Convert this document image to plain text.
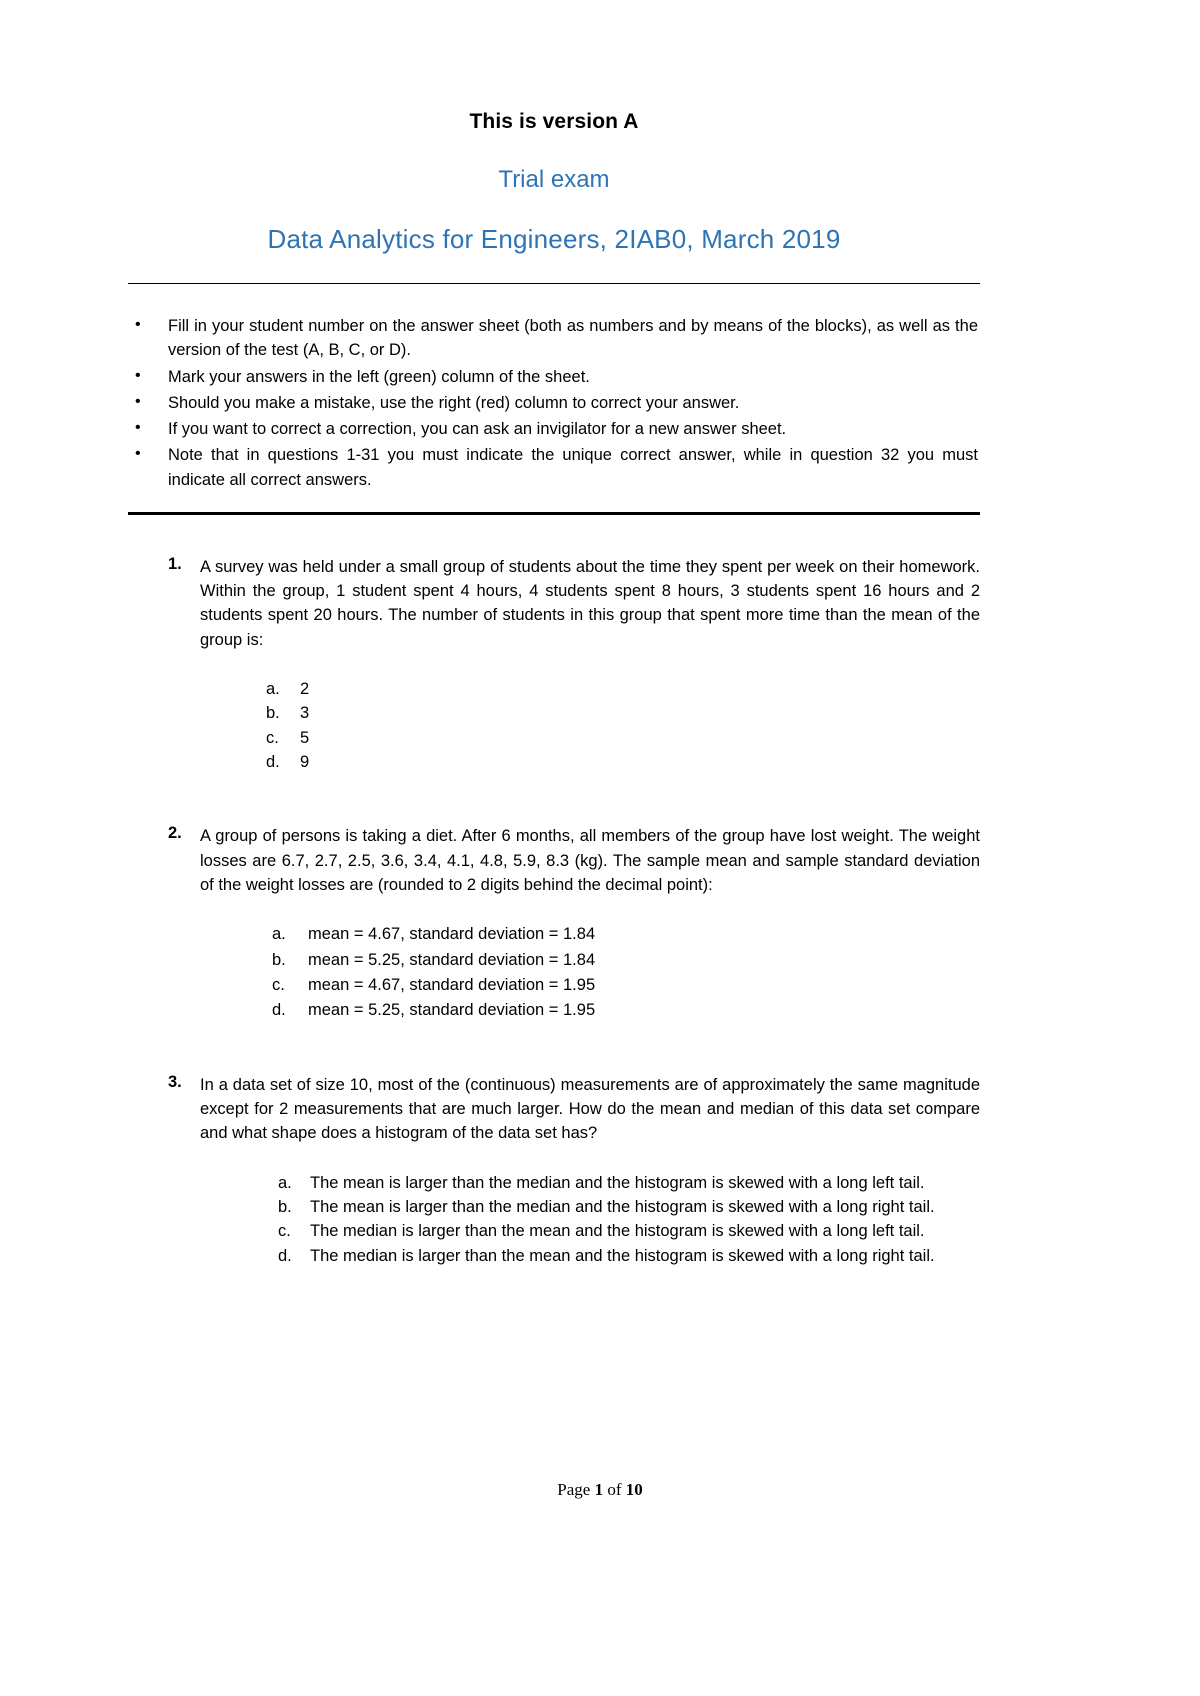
This is version A
Trial exam
Data Analytics for Engineers, 2IAB0, March 2019
• Fill in your student number on the answer sheet (both as numbers and by means of the blocks), as well as the version of the test (A, B, C, or D).
• Mark your answers in the left (green) column of the sheet.
• Should you make a mistake, use the right (red) column to correct your answer.
• If you want to correct a correction, you can ask an invigilator for a new answer sheet.
• Note that in questions 1-31 you must indicate the unique correct answer, while in question 32 you must indicate all correct answers.
1. A survey was held under a small group of students about the time they spent per week on their homework. Within the group, 1 student spent 4 hours, 4 students spent 8 hours, 3 students spent 16 hours and 2 students spent 20 hours. The number of students in this group that spent more time than the mean of the group is:

a. 2
b. 3
c. 5
d. 9
2. A group of persons is taking a diet. After 6 months, all members of the group have lost weight. The weight losses are 6.7, 2.7, 2.5, 3.6, 3.4, 4.1, 4.8, 5.9, 8.3 (kg). The sample mean and sample standard deviation of the weight losses are (rounded to 2 digits behind the decimal point):

a. mean = 4.67, standard deviation = 1.84
b. mean = 5.25, standard deviation = 1.84
c. mean = 4.67, standard deviation = 1.95
d. mean = 5.25, standard deviation = 1.95
3. In a data set of size 10, most of the (continuous) measurements are of approximately the same magnitude except for 2 measurements that are much larger. How do the mean and median of this data set compare and what shape does a histogram of the data set has?

a. The mean is larger than the median and the histogram is skewed with a long left tail.
b. The mean is larger than the median and the histogram is skewed with a long right tail.
c. The median is larger than the mean and the histogram is skewed with a long left tail.
d. The median is larger than the mean and the histogram is skewed with a long right tail.
Page 1 of 10
